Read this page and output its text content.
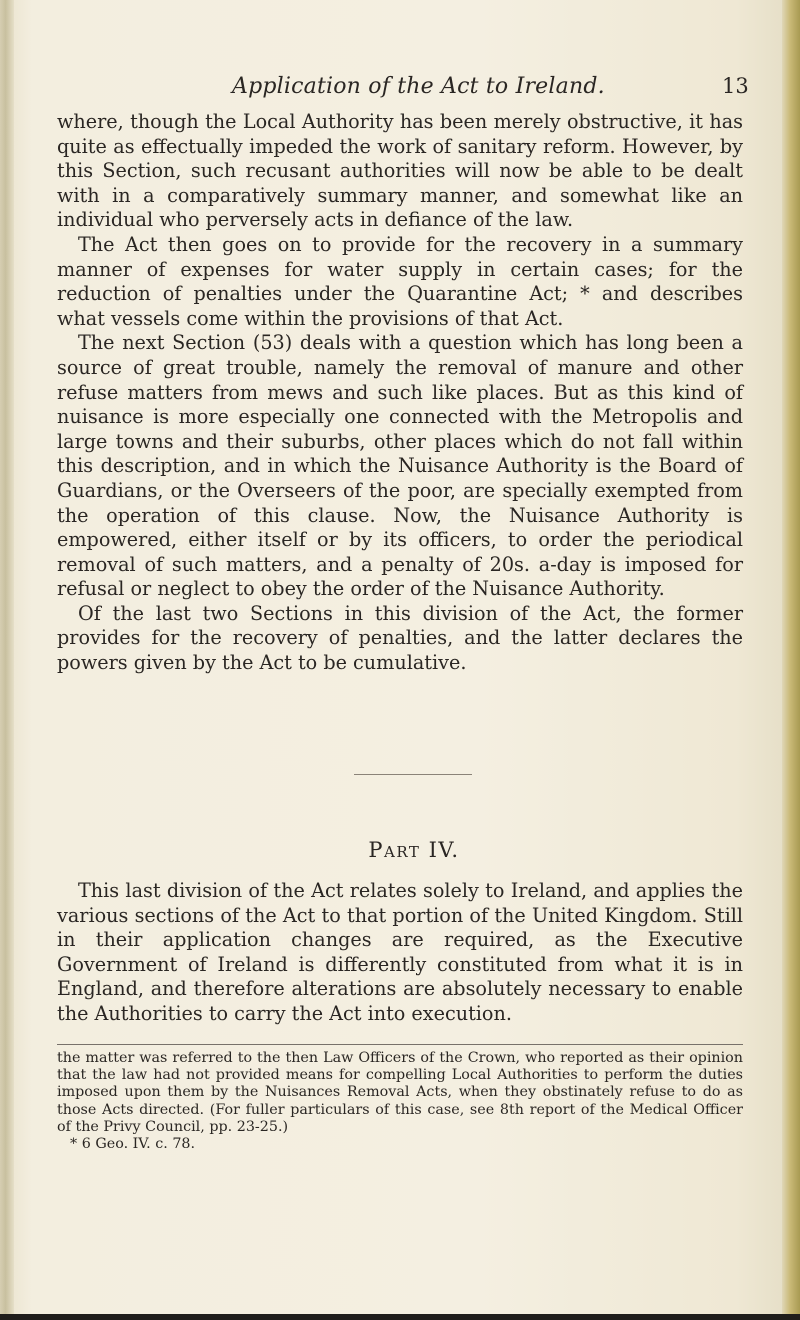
Application of the Act to Ireland.	13

where, though the Local Authority has been merely obstructive, it has quite as effectually impeded the work of sanitary reform. However, by this Section, such recusant authorities will now be able to be dealt with in a comparatively summary manner, and somewhat like an individual who perversely acts in defiance of the law.

The Act then goes on to provide for the recovery in a summary manner of expenses for water supply in certain cases; for the reduction of penalties under the Quarantine Act; * and describes what vessels come within the provisions of that Act.

The next Section (53) deals with a question which has long been a source of great trouble, namely the removal of manure and other refuse matters from mews and such like places. But as this kind of nuisance is more especially one connected with the Metropolis and large towns and their suburbs, other places which do not fall within this description, and in which the Nuisance Authority is the Board of Guardians, or the Overseers of the poor, are specially exempted from the operation of this clause. Now, the Nuisance Authority is empowered, either itself or by its officers, to order the periodical removal of such matters, and a penalty of 20s. a-day is imposed for refusal or neglect to obey the order of the Nuisance Authority.

Of the last two Sections in this division of the Act, the former provides for the recovery of penalties, and the latter declares the powers given by the Act to be cumulative.

Part IV.

This last division of the Act relates solely to Ireland, and applies the various sections of the Act to that portion of the United Kingdom. Still in their application changes are required, as the Executive Government of Ireland is differently constituted from what it is in England, and therefore alterations are absolutely necessary to enable the Authorities to carry the Act into execution.

the matter was referred to the then Law Officers of the Crown, who reported as their opinion that the law had not provided means for compelling Local Authorities to perform the duties imposed upon them by the Nuisances Removal Acts, when they obstinately refuse to do as those Acts directed. (For fuller particulars of this case, see 8th report of the Medical Officer of the Privy Council, pp. 23-25.)

* 6 Geo. IV. c. 78.
